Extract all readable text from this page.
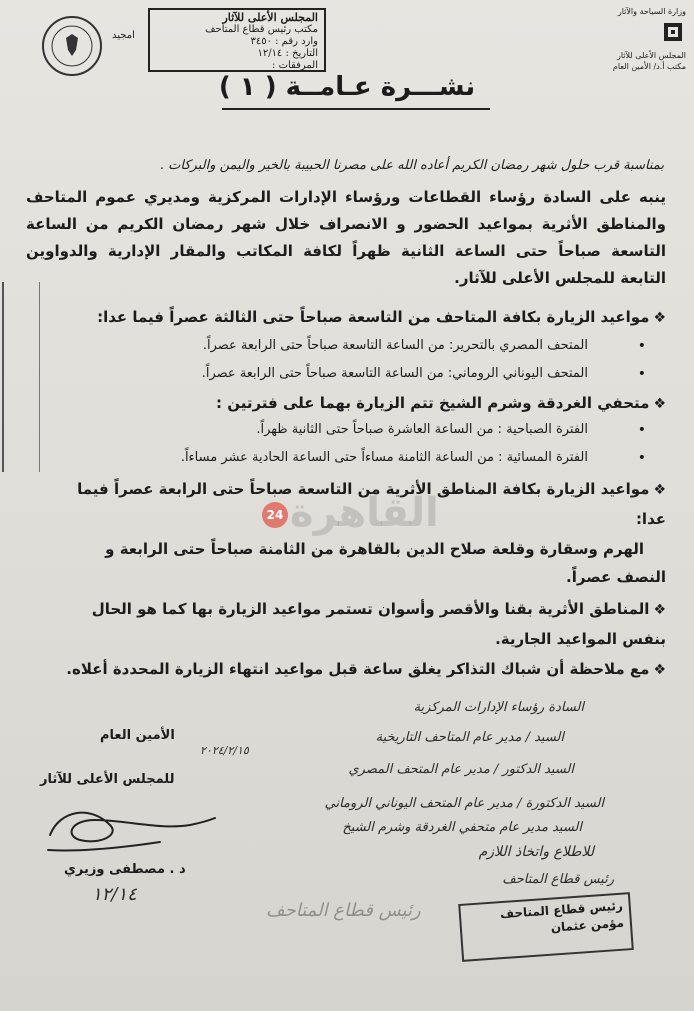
وزارة السياحة والآثار
المجلس الأعلى للآثار
مكتب أ.د/ الأمين العام
امجيد
المجلس الأعلى للآثار
مكتب رئيس قطاع المتاحف
وارد رقم : ٣٤٥٠
التاريخ : ١٢/١٤
المرفقات :
نشـــرة عـامــة ( ١ )
بمناسبة قرب حلول شهر رمضان الكريم أعاده الله على مصرنا الحبيبة بالخير واليمن والبركات .
ينبه على السادة رؤساء القطاعات ورؤساء الإدارات المركزية ومديري عموم المتاحف والمناطق الأثرية بمواعيد الحضور و الانصراف خلال شهر رمضان الكريم من الساعة التاسعة صباحاً حتى الساعة الثانية ظهراً لكافة المكاتب والمقار الإدارية والدواوين التابعة للمجلس الأعلى للآثار.
❖مواعيد الزيارة بكافة المتاحف من التاسعة صباحاً حتى الثالثة عصراً فيما عدا:
• المتحف المصري بالتحرير: من الساعة التاسعة صباحاً حتى الرابعة عصراً.
• المتحف اليوناني الروماني: من الساعة التاسعة صباحاً حتى الرابعة عصراً.
❖متحفي الغردقة وشرم الشيخ تتم الزيارة بهما على فترتين :
• الفترة الصباحية : من الساعة العاشرة صباحاً حتى الثانية ظهراً.
• الفترة المسائية : من الساعة الثامنة مساءاً حتى الساعة الحادية عشر مساءاً.
❖مواعيد الزيارة بكافة المناطق الأثرية من التاسعة صباحاً حتى الرابعة عصراً فيما
عدا:
الهرم وسقارة وقلعة صلاح الدين بالقاهرة من الثامنة صباحاً حتى الرابعة و
النصف عصراً.
❖المناطق الأثرية بقنا والأقصر وأسوان تستمر مواعيد الزيارة بها كما هو الحال
بنفس المواعيد الجارية.
❖مع ملاحظة أن شباك التذاكر يغلق ساعة قبل مواعيد انتهاء الزيارة المحددة أعلاه.
24 القاهرة
الأمين العام
للمجلس الأعلى للآثار
د . مصطفى وزيري
١٢/١٤
السادة رؤساء الإدارات المركزية
السيد / مدير عام المتاحف التاريخية
٢٠٢٤/٢/١٥
السيد الدكتور / مدير عام المتحف المصري
السيد الدكتورة / مدير عام المتحف اليوناني الروماني
السيد مدير عام متحفي الغردقة وشرم الشيخ
للاطلاع واتخاذ اللازم
رئيس قطاع المتاحف
رئيس قطاع المتاحف	رئيس قطاع المتاحف
مؤمن عثمان
